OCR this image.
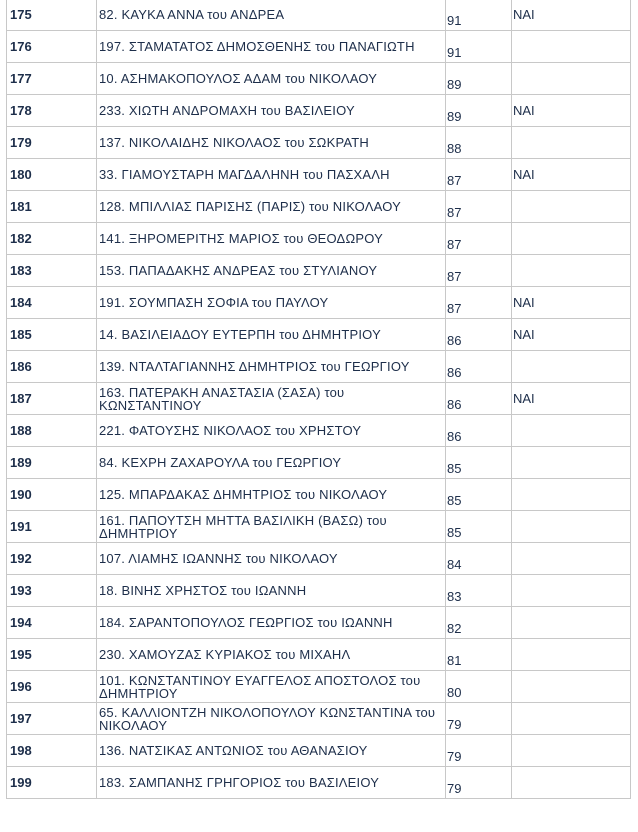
175	82. ΚΑΥΚΑ ΑΝΝΑ του ΑΝΔΡΕΑ	91	ΝΑΙ
176	197. ΣΤΑΜΑΤΑΤΟΣ ΔΗΜΟΣΘΕΝΗΣ του ΠΑΝΑΓΙΩΤΗ	91	
177	10. ΑΣΗΜΑΚΟΠΟΥΛΟΣ ΑΔΑΜ του ΝΙΚΟΛΑΟΥ	89	
178	233. ΧΙΩΤΗ ΑΝΔΡΟΜΑΧΗ του ΒΑΣΙΛΕΙΟΥ	89	ΝΑΙ
179	137. ΝΙΚΟΛΑΙΔΗΣ ΝΙΚΟΛΑΟΣ του ΣΩΚΡΑΤΗ	88	
180	33. ΓΙΑΜΟΥΣΤΑΡΗ ΜΑΓΔΑΛΗΝΗ του ΠΑΣΧΑΛΗ	87	ΝΑΙ
181	128. ΜΠΙΛΛΙΑΣ ΠΑΡΙΣΗΣ (ΠΑΡΙΣ) του ΝΙΚΟΛΑΟΥ	87	
182	141. ΞΗΡΟΜΕΡΙΤΗΣ ΜΑΡΙΟΣ του ΘΕΟΔΩΡΟΥ	87	
183	153. ΠΑΠΑΔΑΚΗΣ ΑΝΔΡΕΑΣ του ΣΤΥΛΙΑΝΟΥ	87	
184	191. ΣΟΥΜΠΑΣΗ ΣΟΦΙΑ του ΠΑΥΛΟΥ	87	ΝΑΙ
185	14. ΒΑΣΙΛΕΙΑΔΟΥ ΕΥΤΕΡΠΗ του ΔΗΜΗΤΡΙΟΥ	86	ΝΑΙ
186	139. ΝΤΑΛΤΑΓΙΑΝΝΗΣ ΔΗΜΗΤΡΙΟΣ του ΓΕΩΡΓΙΟΥ	86	
187	163. ΠΑΤΕΡΑΚΗ ΑΝΑΣΤΑΣΙΑ (ΣΑΣΑ) του ΚΩΝΣΤΑΝΤΙΝΟΥ	86	ΝΑΙ
188	221. ΦΑΤΟΥΣΗΣ ΝΙΚΟΛΑΟΣ του ΧΡΗΣΤΟΥ	86	
189	84. ΚΕΧΡΗ ΖΑΧΑΡΟΥΛΑ του ΓΕΩΡΓΙΟΥ	85	
190	125. ΜΠΑΡΔΑΚΑΣ ΔΗΜΗΤΡΙΟΣ του ΝΙΚΟΛΑΟΥ	85	
191	161. ΠΑΠΟΥΤΣΗ ΜΗΤΤΑ ΒΑΣΙΛΙΚΗ (ΒΑΣΩ) του ΔΗΜΗΤΡΙΟΥ	85	
192	107. ΛΙΑΜΗΣ ΙΩΑΝΝΗΣ του ΝΙΚΟΛΑΟΥ	84	
193	18. ΒΙΝΗΣ ΧΡΗΣΤΟΣ του ΙΩΑΝΝΗ	83	
194	184. ΣΑΡΑΝΤΟΠΟΥΛΟΣ ΓΕΩΡΓΙΟΣ του ΙΩΑΝΝΗ	82	
195	230. ΧΑΜΟΥΖΑΣ ΚΥΡΙΑΚΟΣ του ΜΙΧΑΗΛ	81	
196	101. ΚΩΝΣΤΑΝΤΙΝΟΥ ΕΥΑΓΓΕΛΟΣ ΑΠΟΣΤΟΛΟΣ του ΔΗΜΗΤΡΙΟΥ	80	
197	65. ΚΑΛΛΙΟΝΤΖΗ ΝΙΚΟΛΟΠΟΥΛΟΥ ΚΩΝΣΤΑΝΤΙΝΑ του ΝΙΚΟΛΑΟΥ	79	
198	136. ΝΑΤΣΙΚΑΣ ΑΝΤΩΝΙΟΣ του ΑΘΑΝΑΣΙΟΥ	79	
199	183. ΣΑΜΠΑΝΗΣ ΓΡΗΓΟΡΙΟΣ του ΒΑΣΙΛΕΙΟΥ	79	
